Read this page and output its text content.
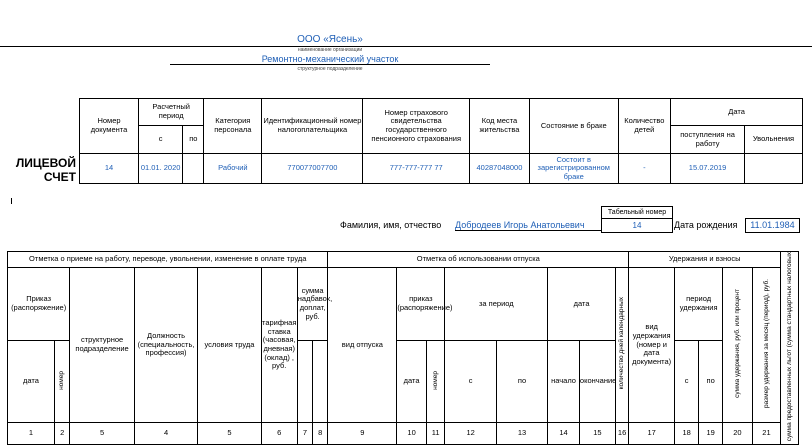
ООО «Ясень»
наименование организации
Ремонтно-механический участок
структурное подразделение
ЛИЦЕВОЙ
СЧЕТ
Номер документа	Расчетный период		Категория персонала	Идентификационный номер налогоплательщика	Номер страхового свидетельства государственного пенсионного страхования	Код места жительства	Состояние в браке	Количество детей	Дата	
	с	по							поступления на работу	Увольнения
14	01.01. 2020		Рабочий	770077007700	777-777-777 77	40287048000	Состоит в зарегистрированном браке	-	15.07.2019	
Табельный номер
14
Фамилия, имя, отчество Добродеев Игорь Анатольевич	Дата рождения	11.01.1984
Отметка о приеме на работу, переводе, увольнении, изменение в оплате труда								Отметка об использовании отпуска								Удержания и взносы					сумма предоставленных льгот (сумма стандартных налоговых
Приказ (распоряжение)		структурное подразделение	Должность (специальность, профессия)	условия труда	тарифная ставка (часовая, дневная) (оклад) , руб.	сумма надбавок, доплат, руб.		вид отпуска	приказ (распоряжение)		за период		дата		количество дней календарных	вид удержания (номер и дата документа)	период удержания		сумма удержания, руб. или процент	размер удержания за месяц (период), руб.	
дата	номер								дата	номер	с	по	начало	окончание			с	по			
1	2	5	4	5	6	7	8	9	10	11	12	13	14	15	16	17	18	19	20	21	
